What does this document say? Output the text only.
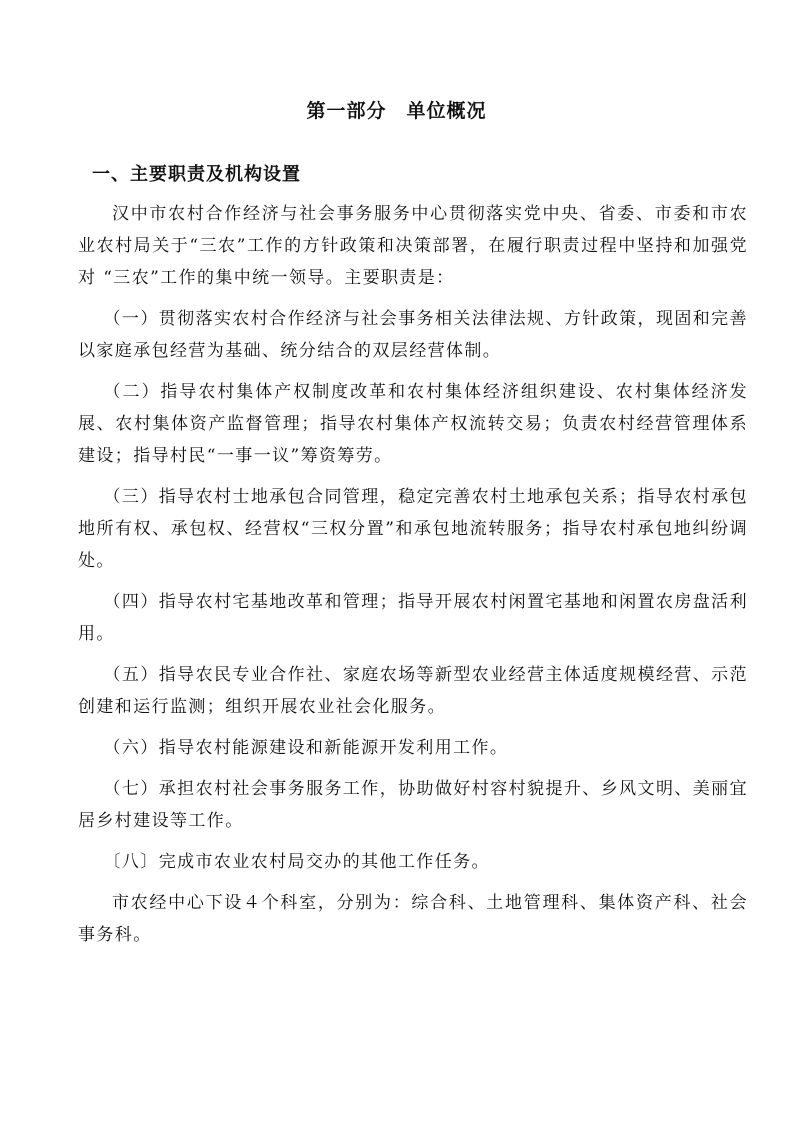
第一部分　单位概况
一、主要职责及机构设置

汉中市农村合作经济与社会事务服务中心贯彻落实党中央、省委、市委和市农业农村局关于“三农”工作的方针政策和决策部署，在履行职责过程中坚持和加强党对 “三农”工作的集中统一领导。主要职责是：

（一）贯彻落实农村合作经济与社会事务相关法律法规、方针政策，现固和完善以家庭承包经营为基础、统分结合的双层经营体制。

（二）指导农村集体产权制度改革和农村集体经济组织建设、农村集体经济发展、农村集体资产监督管理；指导农村集体产权流转交易；负责农村经营管理体系建设；指导村民“一事一议”筹资筹劳。

（三）指导农村士地承包合同管理，稳定完善农村土地承包关系；指导农村承包地所有权、承包权、经营权“三权分置”和承包地流转服务；指导农村承包地纠纷调处。

（四）指导农村宅基地改革和管理；指导开展农村闲置宅基地和闲置农房盘活利用。

（五）指导农民专业合作社、家庭农场等新型农业经营主体适度规模经营、示范创建和运行监测；组织开展农业社会化服务。

（六）指导农村能源建设和新能源开发利用工作。

（七）承担农村社会事务服务工作，协助做好村容村貌提升、乡风文明、美丽宜居乡村建设等工作。

〔八〕完成市农业农村局交办的其他工作任务。

市农经中心下设４个科室，分别为：综合科、土地管理科、集体资产科、社会事务科。
